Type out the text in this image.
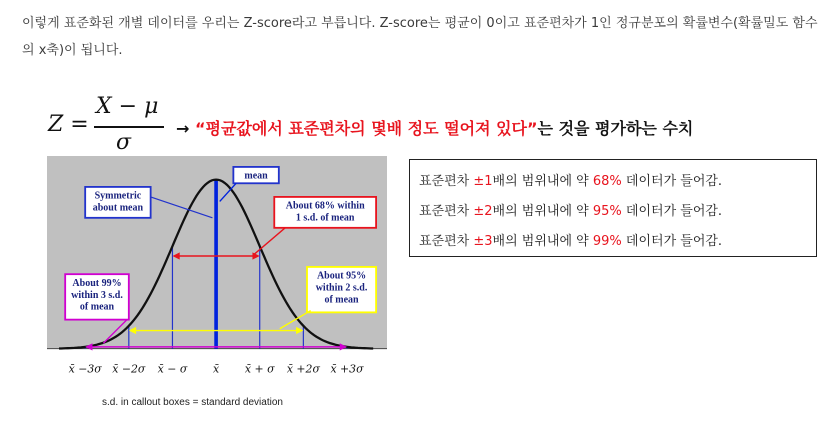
이렇게 표준화된 개별 데이터를 우리는 Z-score라고 부릅니다. Z-score는 평균이 0이고 표준편차가 1인 정규분포의 확률변수(확률밀도 함수의 x축)이 됩니다.
Z =
X − μ
σ
→ “평균값에서 표준편차의 몇배 정도 떨어져 있다”는 것을 평가하는 수치
mean
Symmetric
about mean	About 68% within
1 s.d. of mean
About 95%
within 2 s.d.
of mean
About 99%
within 3 s.d.
of mean
x̄ −3σ x̄ −2σ x̄ − σ x̄ x̄ + σ x̄ +2σ x̄ +3σ
s.d. in callout boxes = standard deviation
표준편차 ±1배의 범위내에 약 68% 데이터가 들어감.
표준편차 ±2배의 범위내에 약 95% 데이터가 들어감.
표준편차 ±3배의 범위내에 약 99% 데이터가 들어감.
